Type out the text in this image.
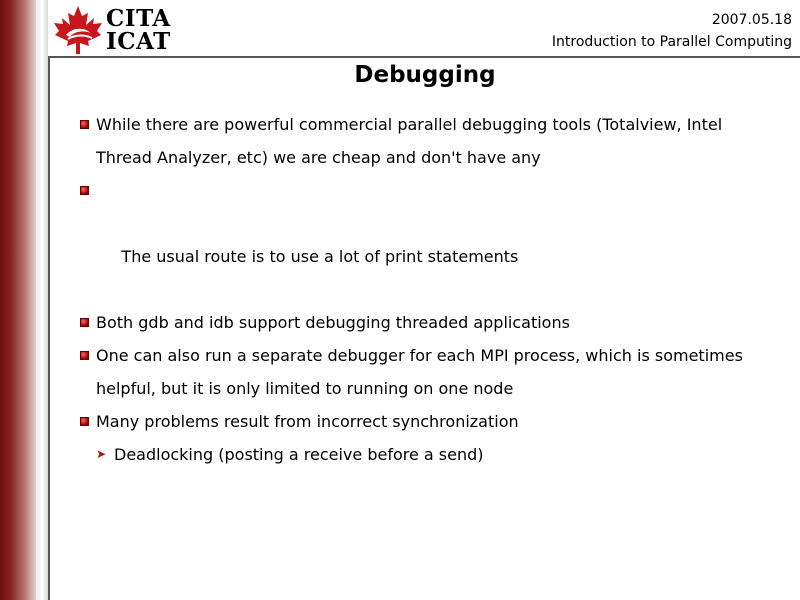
CITA
ICAT
2007.05.18
Introduction to Parallel Computing
Debugging
While there are powerful commercial parallel debugging tools (Totalview, Intel Thread Analyzer, etc) we are cheap and don't have any

The usual route is to use a lot of print statements

Both gdb and idb support debugging threaded applications
One can also run a separate debugger for each MPI process, which is sometimes helpful, but it is only limited to running on one node
Many problems result from incorrect synchronization
➤ Deadlocking (posting a receive before a send)
